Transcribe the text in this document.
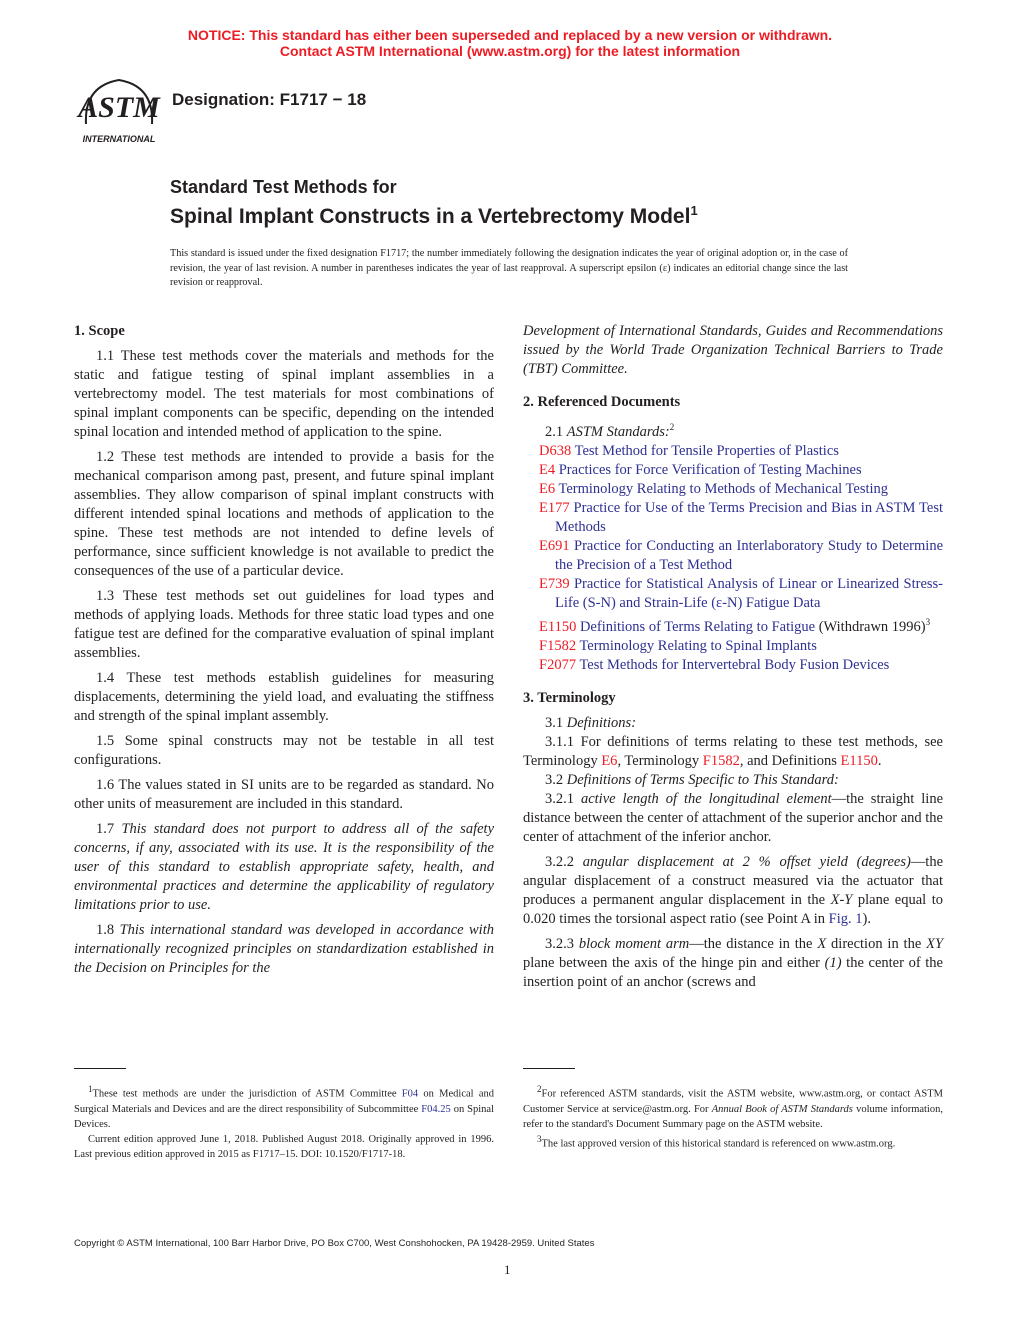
NOTICE: This standard has either been superseded and replaced by a new version or withdrawn.
Contact ASTM International (www.astm.org) for the latest information
ASTM
INTERNATIONAL
Designation: F1717 − 18
Standard Test Methods for
Spinal Implant Constructs in a Vertebrectomy Model$^1$
This standard is issued under the fixed designation F1717; the number immediately following the designation indicates the year of original adoption or, in the case of revision, the year of last revision. A number in parentheses indicates the year of last reapproval. A superscript epsilon (ε) indicates an editorial change since the last revision or reapproval.
1. Scope

1.1 These test methods cover the materials and methods for the static and fatigue testing of spinal implant assemblies in a vertebrectomy model. The test materials for most combinations of spinal implant components can be specific, depending on the intended spinal location and intended method of application to the spine.

1.2 These test methods are intended to provide a basis for the mechanical comparison among past, present, and future spinal implant assemblies. They allow comparison of spinal implant constructs with different intended spinal locations and methods of application to the spine. These test methods are not intended to define levels of performance, since sufficient knowledge is not available to predict the consequences of the use of a particular device.

1.3 These test methods set out guidelines for load types and methods of applying loads. Methods for three static load types and one fatigue test are defined for the comparative evaluation of spinal implant assemblies.

1.4 These test methods establish guidelines for measuring displacements, determining the yield load, and evaluating the stiffness and strength of the spinal implant assembly.

1.5 Some spinal constructs may not be testable in all test configurations.

1.6 The values stated in SI units are to be regarded as standard. No other units of measurement are included in this standard.

1.7 This standard does not purport to address all of the safety concerns, if any, associated with its use. It is the responsibility of the user of this standard to establish appropriate safety, health, and environmental practices and determine the applicability of regulatory limitations prior to use.

1.8 This international standard was developed in accordance with internationally recognized principles on standardization established in the Decision on Principles for the

Development of International Standards, Guides and Recommendations issued by the World Trade Organization Technical Barriers to Trade (TBT) Committee.

2. Referenced Documents

2.1 ASTM Standards:$^2$

D638 Test Method for Tensile Properties of Plastics

E4 Practices for Force Verification of Testing Machines

E6 Terminology Relating to Methods of Mechanical Testing

E177 Practice for Use of the Terms Precision and Bias in ASTM Test Methods

E691 Practice for Conducting an Interlaboratory Study to Determine the Precision of a Test Method

E739 Practice for Statistical Analysis of Linear or Linearized Stress-Life (S-N) and Strain-Life (ε-N) Fatigue Data

E1150 Definitions of Terms Relating to Fatigue (Withdrawn 1996)$^3$

F1582 Terminology Relating to Spinal Implants

F2077 Test Methods for Intervertebral Body Fusion Devices

3. Terminology

3.1 Definitions:

3.1.1 For definitions of terms relating to these test methods, see Terminology E6, Terminology F1582, and Definitions E1150.

3.2 Definitions of Terms Specific to This Standard:

3.2.1 active length of the longitudinal element—the straight line distance between the center of attachment of the superior anchor and the center of attachment of the inferior anchor.

3.2.2 angular displacement at 2 % offset yield (degrees)—the angular displacement of a construct measured via the actuator that produces a permanent angular displacement in the X-Y plane equal to 0.020 times the torsional aspect ratio (see Point A in Fig. 1).

3.2.3 block moment arm—the distance in the X direction in the XY plane between the axis of the hinge pin and either (1) the center of the insertion point of an anchor (screws and

$^1$These test methods are under the jurisdiction of ASTM Committee F04 on Medical and Surgical Materials and Devices and are the direct responsibility of Subcommittee F04.25 on Spinal Devices.

Current edition approved June 1, 2018. Published August 2018. Originally approved in 1996. Last previous edition approved in 2015 as F1717–15. DOI: 10.1520/F1717-18.

$^2$For referenced ASTM standards, visit the ASTM website, www.astm.org, or contact ASTM Customer Service at service@astm.org. For Annual Book of ASTM Standards volume information, refer to the standard's Document Summary page on the ASTM website.

$^3$The last approved version of this historical standard is referenced on www.astm.org.

Copyright © ASTM International, 100 Barr Harbor Drive, PO Box C700, West Conshohocken, PA 19428-2959. United States
1
